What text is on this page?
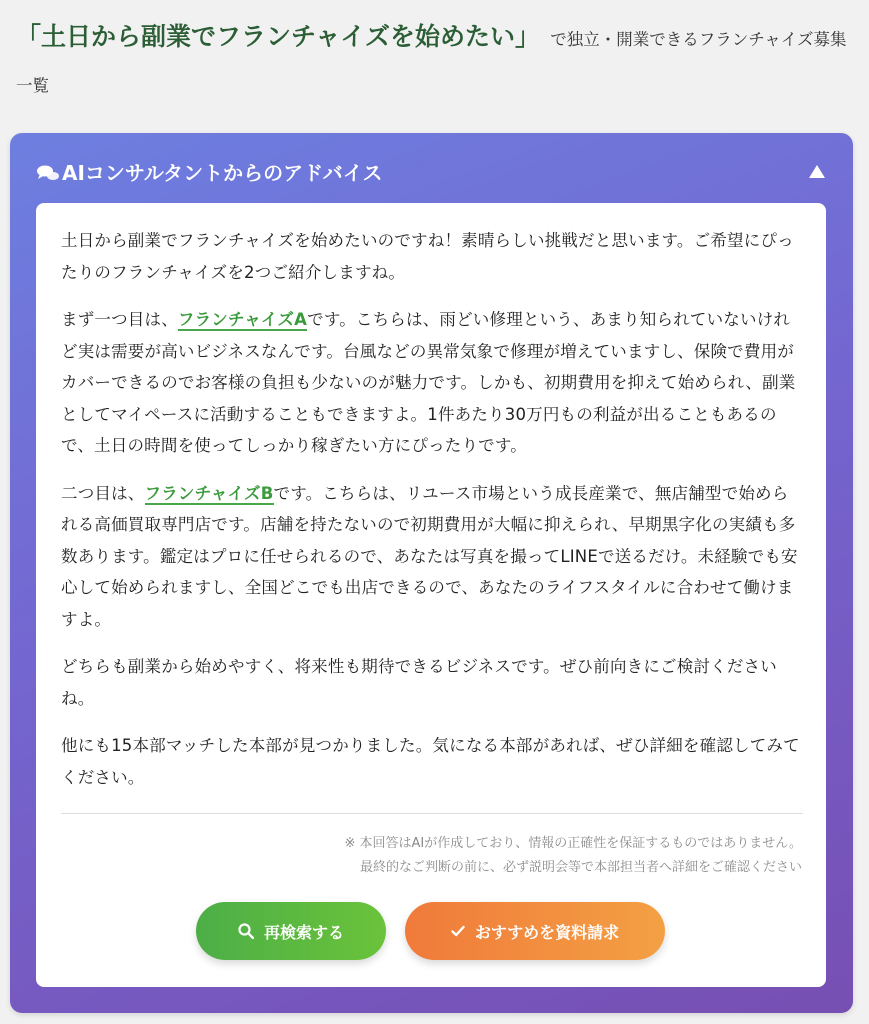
「土日から副業でフランチャイズを始めたい」 で独立・開業できるフランチャイズ募集一覧
AIコンサルタントからのアドバイス

土日から副業でフランチャイズを始めたいのですね！素晴らしい挑戦だと思います。ご希望にぴったりのフランチャイズを2つご紹介しますね。

まず一つ目は、フランチャイズAです。こちらは、雨どい修理という、あまり知られていないけれど実は需要が高いビジネスなんです。台風などの異常気象で修理が増えていますし、保険で費用がカバーできるのでお客様の負担も少ないのが魅力です。しかも、初期費用を抑えて始められ、副業としてマイペースに活動することもできますよ。1件あたり30万円もの利益が出ることもあるので、土日の時間を使ってしっかり稼ぎたい方にぴったりです。

二つ目は、フランチャイズBです。こちらは、リユース市場という成長産業で、無店舗型で始められる高価買取専門店です。店舗を持たないので初期費用が大幅に抑えられ、早期黒字化の実績も多数あります。鑑定はプロに任せられるので、あなたは写真を撮ってLINEで送るだけ。未経験でも安心して始められますし、全国どこでも出店できるので、あなたのライフスタイルに合わせて働けますよ。

どちらも副業から始めやすく、将来性も期待できるビジネスです。ぜひ前向きにご検討くださいね。

他にも15本部マッチした本部が見つかりました。気になる本部があれば、ぜひ詳細を確認してみてください。

※ 本回答はAIが作成しており、情報の正確性を保証するものではありません。
最終的なご判断の前に、必ず説明会等で本部担当者へ詳細をご確認ください
再検索する	おすすめを資料請求
